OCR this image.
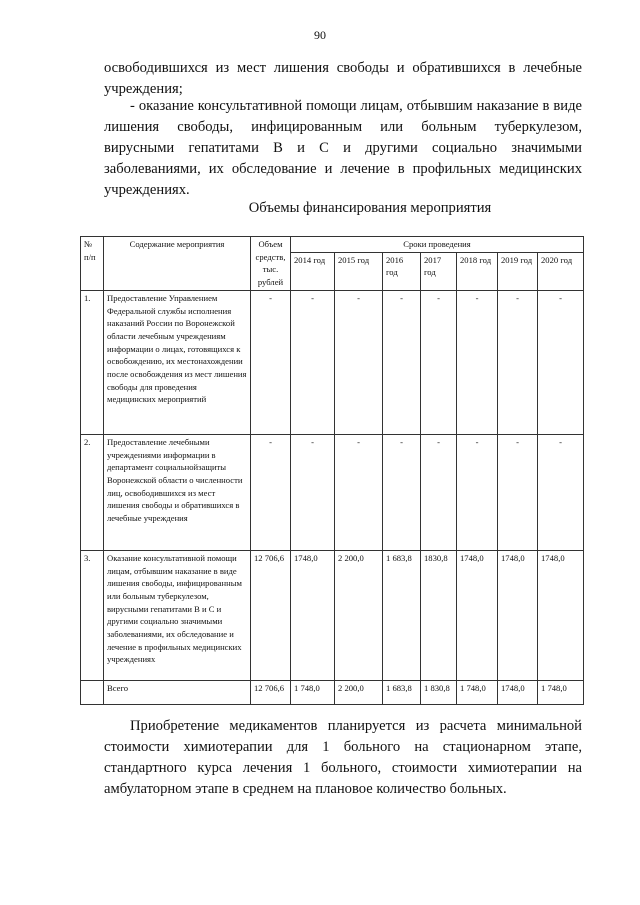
90
освободившихся из мест лишения свободы и обратившихся в лечебные учреждения;
- оказание консультативной помощи лицам, отбывшим наказание в виде лишения свободы, инфицированным или больным туберкулезом, вирусными гепатитами В и С и другими социально значимыми заболеваниями, их обследование и лечение в профильных медицинских учреждениях.
Объемы финансирования мероприятия
№ п/п	Содержание мероприятия	Объем средств, тыс. рублей	Сроки проведения						
			2014 год	2015 год	2016 год	2017 год	2018 год	2019 год	2020 год
1.	Предоставление Управлением Федеральной службы исполнения наказаний России по Воронежской области лечебным учреждениям информации о лицах, готовящихся к освобождению, их местонахождении после освобождения из мест лишения свободы для проведения медицинских мероприятий	-	-	-	-	-	-	-	-
2.	Предоставление лечебными учреждениями информации в департамент социальнойзащиты Воронежской области о численности лиц, освободившихся из мест лишения свободы и обратившихся в лечебные учреждения	-	-	-	-	-	-	-	-
3.	Оказание консультативной помощи лицам, отбывшим наказание в виде лишения свободы, инфицированным или больным туберкулезом, вирусными гепатитами В и С и другими социально значимыми заболеваниями, их обследование и лечение в профильных медицинских учреждениях	12 706,6	1748,0	2 200,0	1 683,8	1830,8	1748,0	1748,0	1748,0
	Всего	12 706,6	1 748,0	2 200,0	1 683,8	1 830,8	1 748,0	1748,0	1 748,0
Приобретение медикаментов планируется из расчета минимальной стоимости химиотерапии для 1 больного на стационарном этапе, стандартного курса лечения 1 больного, стоимости химиотерапии на амбулаторном этапе в среднем на плановое количество больных.
